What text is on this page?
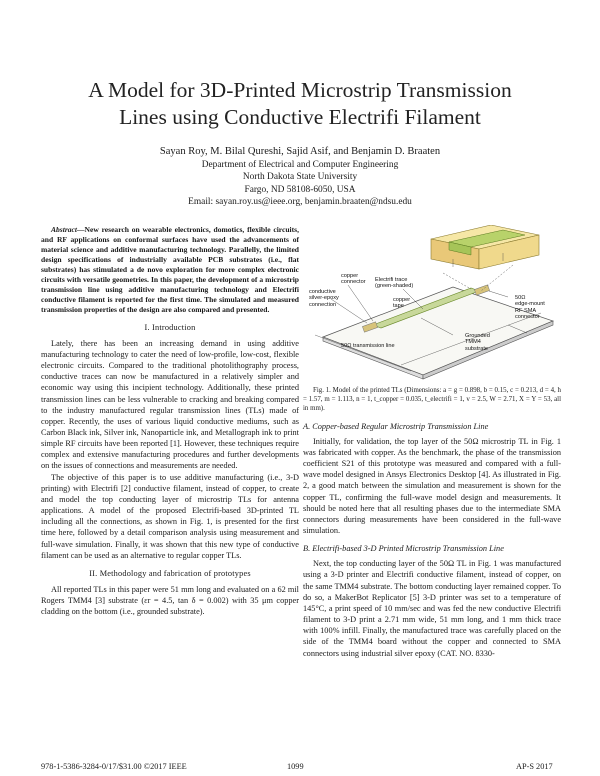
A Model for 3D-Printed Microstrip Transmission
Lines using Conductive Electrifi Filament
Sayan Roy, M. Bilal Qureshi, Sajid Asif, and Benjamin D. Braaten
Department of Electrical and Computer Engineering
North Dakota State University
Fargo, ND 58108-6050, USA
Email: sayan.roy.us@ieee.org, benjamin.braaten@ndsu.edu

Abstract—New research on wearable electronics, domotics, flexible circuits, and RF applications on conformal surfaces have used the advancements of material science and additive manufacturing technology. Parallelly, the limited design specifications of industrially available PCB substrates (i.e., flat substrates) has stimulated a de novo exploration for more complex electronic circuits with versatile geometries. In this paper, the development of a microstrip transmission line using additive manufacturing technology and Electrifi conductive filament is reported for the first time. The simulated and measured transmission properties of the design are also compared and presented.

I. Introduction

Lately, there has been an increasing demand in using additive manufacturing technology to cater the need of low-profile, low-cost, flexible electronic circuits. Compared to the traditional photolithography process, conductive traces can now be manufactured in a relatively simpler and economic way using this incipient technology. Additionally, these printed transmission lines can be less vulnerable to cracking and breaking compared to the industry manufactured regular transmission lines (TLs) made of copper. Recently, the uses of various liquid conductive mediums, such as Carbon Black ink, Silver ink, Nanoparticle ink, and Metallograph ink to print simple RF circuits have been reported [1]. However, these techniques require complex and extensive manufacturing procedures and further developments on the issues of connections and measurements are needed.

The objective of this paper is to use additive manufacturing (i.e., 3-D printing) with Electrifi [2] conductive filament, instead of copper, to create and model the top conducting layer of microstrip TLs for antenna applications. A model of the proposed Electrifi-based 3D-printed TL including all the connections, as shown in Fig. 1, is presented for the first time here, followed by a detail comparison analysis using measurement and full-wave simulation. Finally, it was shown that this new type of conductive filament can be used as an alternative to regular copper TLs.

II. Methodology and fabrication of prototypes

All reported TLs in this paper were 51 mm long and evaluated on a 62 mil Rogers TMM4 [3] substrate (εr = 4.5, tan δ = 0.002) with 35 μm copper cladding on the bottom (i.e., grounded substrate).

copper
connector Electrifi trace
(green-shaded)
copper
tape
conductive
silver-epoxy
connection
Grounded
TMM4
substrate
50Ω
edge-mount
RF SMA
connector
50Ω transmission line

Fig. 1. Model of the printed TLs (Dimensions: a = g = 0.898, b = 0.15, c = 0.213, d = 4, h = 1.57, m = 1.113, n = 1, t_copper = 0.035, t_electrifi = 1, v = 2.5, W = 2.71, X = Y = 53, all in mm).

A. Copper-based Regular Microstrip Transmission Line

Initially, for validation, the top layer of the 50Ω microstrip TL in Fig. 1 was fabricated with copper. As the benchmark, the phase of the transmission coefficient S21 of this prototype was measured and compared with a full-wave model designed in Ansys Electronics Desktop [4]. As illustrated in Fig. 2, a good match between the simulation and measurement is shown for the copper TL, confirming the full-wave model design and measurements. It should be noted here that all resulting phases due to the intermediate SMA connectors during measurements have been considered in the full-wave simulation.

B. Electrifi-based 3-D Printed Microstrip Transmission Line

Next, the top conducting layer of the 50Ω TL in Fig. 1 was manufactured using a 3-D printer and Electrifi conductive filament, instead of copper, on the same TMM4 substrate. The bottom conducting layer remained copper. To do so, a MakerBot Replicator [5] 3-D printer was set to a temperature of 145°C, a print speed of 10 mm/sec and was fed the new conductive Electrifi filament to 3-D print a 2.71 mm wide, 51 mm long, and 1 mm thick trace with 100% infill. Finally, the manufactured trace was carefully placed on the side of the TMM4 board without the copper and connected to SMA connectors using industrial silver epoxy (CAT. NO. 8330-

978-1-5386-3284-0/17/$31.00 ©2017 IEEE	1099	AP-S 2017
